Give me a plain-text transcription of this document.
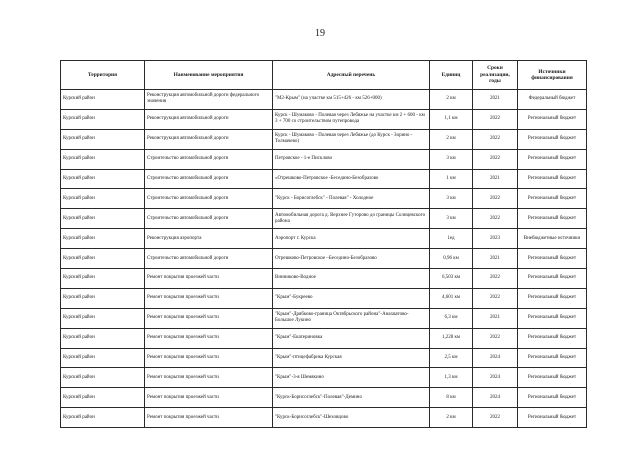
19
Территория	Наименование мероприятия	Адресный перечень	Единиц	Сроки реализации, годы	Источники финансирования
Курский район	Реконструкция автомобильной дороги федерального значения	"М2-Крым" (на участке км 515+426 - км 526+000)	2 км	2021	Федеральный бюджет
Курский район	Реконструкция автомобильной дороги	Курск - Шумаково - Полевая через Лебяжье на участке км 2 + 600 - км 3 + 700 со строительством путепровода	1,1 км	2022	Региональный бюджет
Курский район	Реконструкция автомобильной дороги	Курск - Шумаково - Полевая через Лебяжье (до Курск - Зорино - Толмачево)	2 км	2022	Региональный бюджет
Курский район	Строительство автомобильной дороги	Петровское - 1-е Писклово	3 км	2022	Региональный бюджет
Курский район	Строительство автомобильной дороги	«Отрешково-Петровское -Бесединo-Безобразово	1 км	2021	Региональный бюджет
Курский район	Строительство автомобильной дороги	"Курск - Борисоглебск" - Полевая" - Холодное	3 км	2022	Региональный бюджет
Курский район	Строительство автомобильной дороги	Автомобильная дорога д. Верхнее Гуторово до границы Солнцевского района	3 км	2022	Региональный бюджет
Курский район	Реконструкция аэропорта	Аэропорт г. Курска	1ед	2023	Внебюджетные источники
Курский район	Строительство автомобильной дороги	Отрешково-Петровское –Беседино-Безобразово	0,96 км	2021	Региональный бюджет
Курский район	Ремонт покрытия проезжей части	Винниково-Воднoe	6,503 км	2022	Региональный бюджет
Курский район	Ремонт покрытия проезжей части	"Крым"-Букреево	4,601 км	2022	Региональный бюджет
Курский район	Ремонт покрытия проезжей части	"Крым"-Дрябково-граница Октябрьского района"-Анахватово-Большое Лукино	6,3 км	2021	Региональный бюджет
Курский район	Ремонт покрытия проезжей части	"Крым"-Екатериновка	1,228 км	2022	Региональный бюджет
Курский район	Ремонт покрытия проезжей части	"Крым"-птицефабрика Курская	2,5 км	2024	Региональный бюджет
Курский район	Ремонт покрытия проезжей части	"Крым"-3-я Шемякино	1,3 км	2024	Региональный бюджет
Курский район	Ремонт покрытия проезжей части	"Курск-Борисоглебск"-Полевая"-Демино	8 км	2024	Региональный бюджет
Курский район	Ремонт покрытия проезжей части	"Курск-Борисоглебск"-Шеховцово	2 км	2022	Региональный бюджет
